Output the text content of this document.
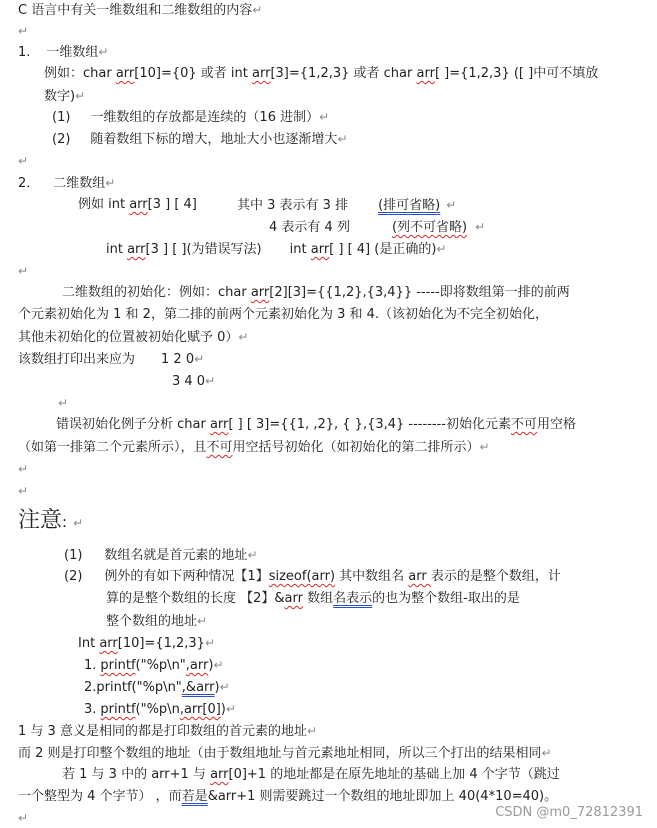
C 语言中有关一维数组和二维数组的内容↵
↵
1. 一维数组↵
例如：char arr[10]={0} 或者 int arr[3]={1,2,3} 或者 char arr[ ]={1,2,3} ([ ]中可不填放
数字)↵
(1) 一维数组的存放都是连续的（16 进制）↵
(2) 随着数组下标的增大，地址大小也逐渐增大↵
↵
2． 二维数组↵
例如 int arr[3 ] [ 4]	其中 3 表示有 3 排 (排可省略) ↵
4 表示有 4 列	(列不可省略) ↵
int arr[3 ] [ ](为错误写法) int arr[ ] [ 4] (是正确的)↵
↵
二维数组的初始化：例如：char arr[2][3]={{1,2},{3,4}} -----即将数组第一排的前两
个元素初始化为 1 和 2，第二排的前两个元素初始化为 3 和 4.（该初始化为不完全初始化，
其他未初始化的位置被初始化赋予 0）↵
该数组打印出来应为 1 2 0↵
3 4 0↵
↵
错误初始化例子分析 char arr[ ] [ 3]={{1, ,2}, { },{3,4} --------初始化元素不可用空格
（如第一排第二个元素所示），且不可用空括号初始化（如初始化的第二排所示）↵
↵
↵
注意: ↵
(1) 数组名就是首元素的地址↵
(2) 例外的有如下两种情况【1】sizeof(arr) 其中数组名 arr 表示的是整个数组，计
算的是整个数组的长度 【2】&arr 数组名表示的也为整个数组-取出的是
整个数组的地址↵
Int arr[10]={1,2,3}↵
1. printf("%p\n",arr)↵
2.printf("%p\n",&arr)↵
3. printf("%p\n,arr[0])↵
1 与 3 意义是相同的都是打印数组的首元素的地址↵
而 2 则是打印整个数组的地址（由于数组地址与首元素地址相同，所以三个打出的结果相同↵
若 1 与 3 中的 arr+1 与 arr[0]+1 的地址都是在原先地址的基础上加 4 个字节（跳过
一个整型为 4 个字节） ，而若是&arr+1 则需要跳过一个数组的地址即加上 40(4*10=40)。
↵	CSDN @m0_72812391
